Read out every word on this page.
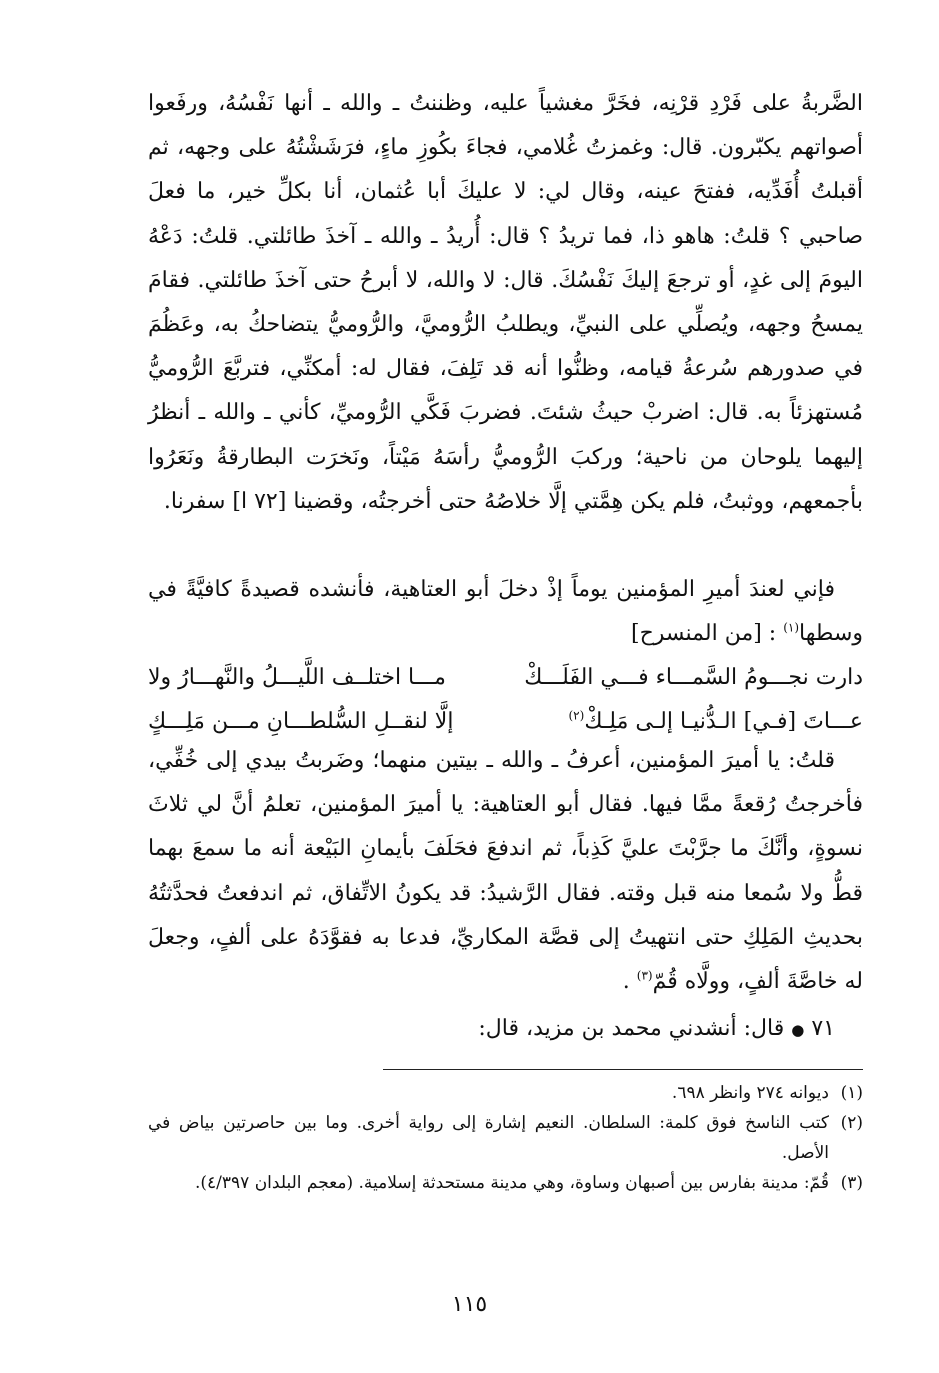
الضَّربةُ على فَرْدِ قرْنِه، فخَرَّ مغشياً عليه، وظننتُ ـ والله ـ أنها نَفْسُهُ، ورفَعوا أصواتهم يكبّرون. قال: وغمزتُ غُلامي، فجاءَ بكُوزِ ماءٍ، فرَشَشْتُهُ على وجهه، ثم أقبلتُ أُفَدِّيه، ففتحَ عينه، وقال لي: لا عليكَ أبا عُثمان، أنا بكلِّ خير، ما فعلَ صاحبي ؟ قلتُ: هاهو ذا، فما تريدُ ؟ قال: أُريدُ ـ والله ـ آخذَ طائلتي. قلتُ: دَعْهُ اليومَ إلى غدٍ، أو ترجعَ إليكَ نَفْسُكَ. قال: لا والله، لا أبرحُ حتى آخذَ طائلتي. فقامَ يمسحُ وجهه، ويُصلِّي على النبيِّ، ويطلبُ الرُّوميَّ، والرُّوميُّ يتضاحكُ به، وعَظُمَ في صدورهم سُرعةُ قيامه، وظنُّوا أنه قد تَلِفَ، فقال له: أمكنِّي، فتربَّعَ الرُّوميُّ مُستهزئاً به. قال: اضربْ حيثُ شئتَ. فضربَ فَكَّي الرُّوميِّ، كأني ـ والله ـ أنظرُ إليهما يلوحان من ناحية؛ وركبَ الرُّوميُّ رأسَهُ مَيْتاً، ونَخرَت البطارقةُ ونَعَرُوا بأجمعهم، ووثبتُ، فلم يكن هِمَّتي إلَّا خلاصُهُ حتى أخرجتُه، وقضينا [٧٢ ا] سفرنا.

فإني لعندَ أميرِ المؤمنين يوماً إذْ دخلَ أبو العتاهية، فأنشده قصيدةً كافيَّةً في وسطها$^{(١)}$ : [من المنسرح]

مـــا اختلــف اللَّيـــلُ والنَّهـــارُ ولا	دارت نجـــومُ السَّمـــاء فـــي الفَلَـــكْ
إلَّا لنقــلِ السُّلطـــانِ مـــن مَلِـــكٍ	عـــاتَ [فـي] الـدُّنيـا إلـى مَلِـكْ$^{(٢)}$

قلتُ: يا أميرَ المؤمنين، أعرفُ ـ والله ـ بيتين منهما؛ وضَربتُ بيدي إلى خُفِّي، فأخرجتُ رُقعةً ممَّا فيها. فقال أبو العتاهية: يا أميرَ المؤمنين، تعلمُ أنَّ لي ثلاثَ نسوةٍ، وأنَّكَ ما جرَّبْتَ عليَّ كَذِباً، ثم اندفعَ فحَلَفَ بأيمانِ البَيْعة أنه ما سمعَ بهما قطُّ ولا سُمعا منه قبل وقته. فقال الرَّشيدُ: قد يكونُ الاتِّفاق، ثم اندفعتُ فحدَّثتُهُ بحديثِ المَلِكِ حتى انتهيتُ إلى قصَّة المكاريِّ، فدعا به فقوَّدَهُ على ألفٍ، وجعلَ له خاصَّةَ ألفٍ، وولَّاه قُمّ$^{(٣)}$ .

٧١ ● قال: أنشدني محمد بن مزيد، قال:

(١)
ديوانه ٢٧٤ وانظر ٦٩٨.
(٢)
كتب الناسخ فوق كلمة: السلطان. النعيم إشارة إلى رواية أخرى. وما بين حاصرتين بياض في الأصل.
(٣)
قُمّ: مدينة بفارس بين أصبهان وساوة، وهي مدينة مستحدثة إسلامية. (معجم البلدان ٤/٣٩٧).
١١٥
